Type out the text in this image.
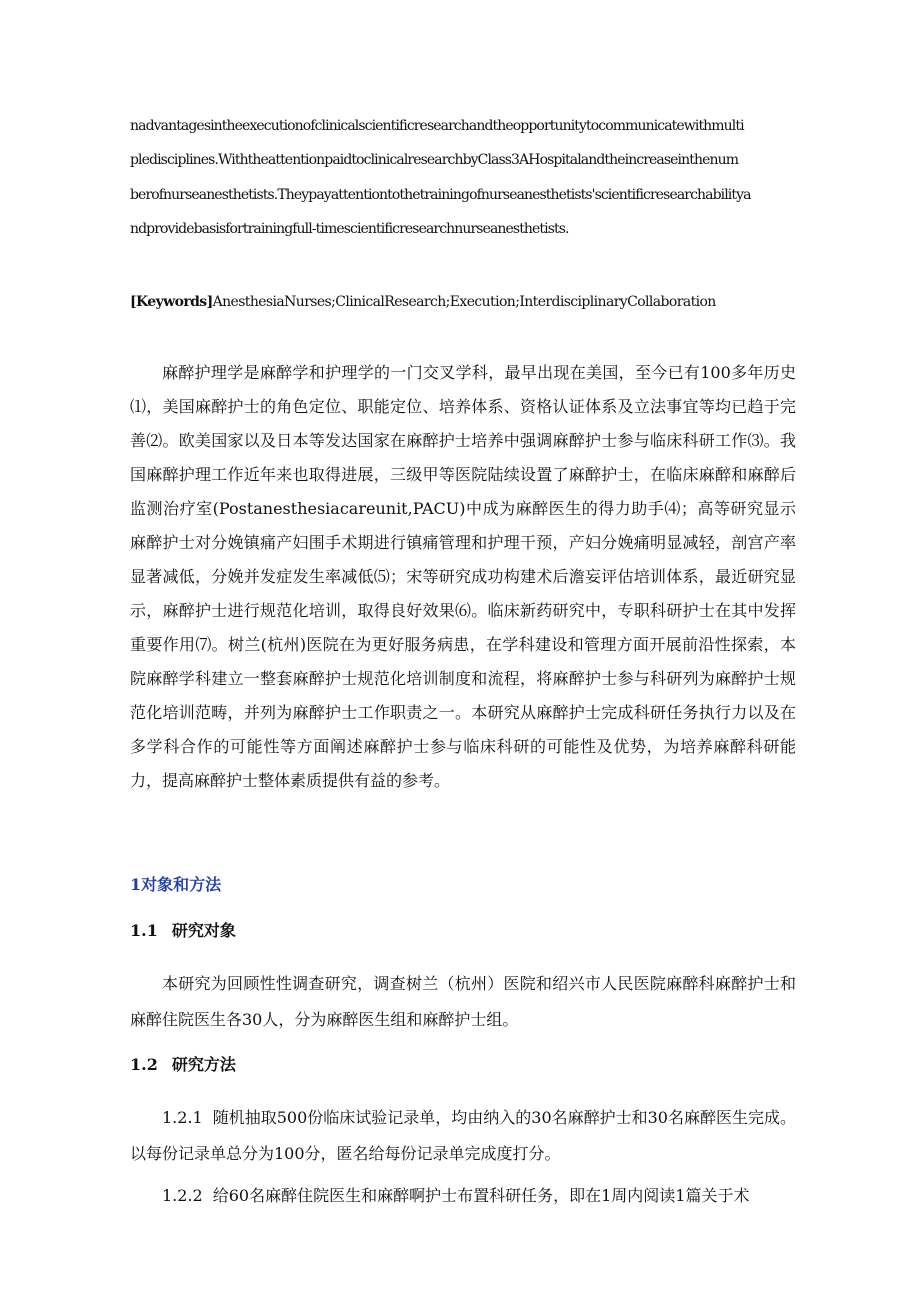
nadvantagesintheexecutionofclinicalscientificresearchandtheopportunitytocommunicatewithmulti
pledisciplines.WiththeattentionpaidtoclinicalresearchbyClass3AHospitalandtheincreaseinthenum
berofnurseanesthetists.Theypayattentiontothetrainingofnurseanesthetists'scientificresearchabilityа
ndprovidebasisfortrainingfull-timescientificresearchnurseanesthetists.
[Keywords]AnesthesiaNurses;ClinicalResearch;Execution;InterdisciplinaryCollaboration

麻醉护理学是麻醉学和护理学的一门交叉学科，最早出现在美国，至今已有100多年历史⑴，美国麻醉护士的角色定位、职能定位、培养体系、资格认证体系及立法事宜等均已趋于完善⑵。欧美国家以及日本等发达国家在麻醉护士培养中强调麻醉护士参与临床科研工作⑶。我国麻醉护理工作近年来也取得进展，三级甲等医院陆续设置了麻醉护士，在临床麻醉和麻醉后监测治疗室(Postanesthesiacareunit,PACU)中成为麻醉医生的得力助手⑷；高等研究显示麻醉护士对分娩镇痛产妇围手术期进行镇痛管理和护理干预，产妇分娩痛明显减轻，剖宫产率显著减低，分娩并发症发生率减低⑸；宋等研究成功构建术后澹妄评估培训体系，最近研究显示，麻醉护士进行规范化培训，取得良好效果⑹。临床新药研究中，专职科研护士在其中发挥重要作用⑺。树兰(杭州)医院在为更好服务病患，在学科建设和管理方面开展前沿性探索，本院麻醉学科建立一整套麻醉护士规范化培训制度和流程，将麻醉护士参与科研列为麻醉护士规范化培训范畴，并列为麻醉护士工作职责之一。本研究从麻醉护士完成科研任务执行力以及在多学科合作的可能性等方面阐述麻醉护士参与临床科研的可能性及优势，为培养麻醉科研能力，提高麻醉护士整体素质提供有益的参考。

1对象和方法
1.1 研究对象

本研究为回顾性性调查研究，调查树兰（杭州）医院和绍兴市人民医院麻醉科麻醉护士和麻醉住院医生各30人，分为麻醉医生组和麻醉护士组。

1.2 研究方法

1.2.1 随机抽取500份临床试验记录单，均由纳入的30名麻醉护士和30名麻醉医生完成。以每份记录单总分为100分，匿名给每份记录单完成度打分。

1.2.2 给60名麻醉住院医生和麻醉啊护士布置科研任务，即在1周内阅读1篇关于术
